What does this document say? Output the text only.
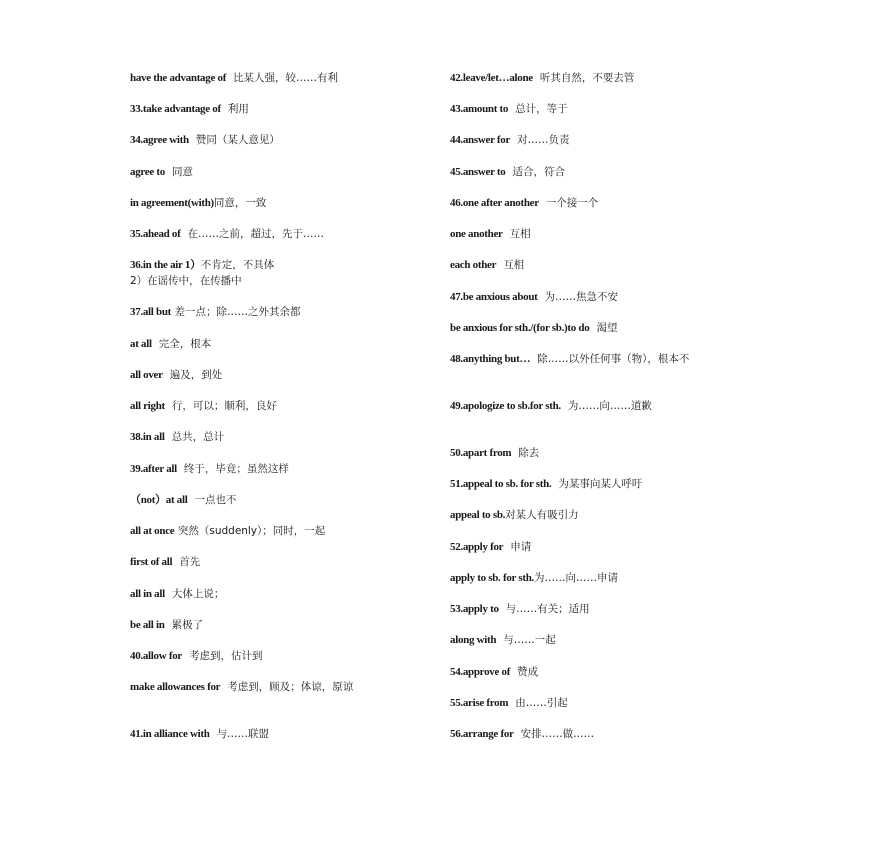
have the advantage of 比某人强，较……有利
33.take advantage of 利用
34.agree with 赞同（某人意见）
agree to 同意
in agreement(with)同意，一致
35.ahead of 在……之前，超过，先于……
36.in the air 1）不肯定，不具体
2）在谣传中，在传播中
37.all but 差一点；除……之外其余都
at all 完全，根本
all over 遍及，到处
all right 行，可以；顺利，良好
38.in all 总共，总计
39.after all 终于，毕竟；虽然这样
（not）at all 一点也不
all at once 突然（suddenly）；同时，一起
first of all 首先
all in all 大体上说；
be all in 累极了
40.allow for 考虑到，估计到
make allowances for 考虑到，顾及；体谅，原谅
41.in alliance with 与……联盟
42.leave/let…alone 听其自然，不要去管
43.amount to 总计，等于
44.answer for 对……负责
45.answer to 适合，符合
46.one after another 一个接一个
one another 互相
each other 互相
47.be anxious about 为……焦急不安
be anxious for sth./(for sb.)to do 渴望
48.anything but… 除……以外任何事（物），根本不
49.apologize to sb.for sth. 为……向……道歉
50.apart from 除去
51.appeal to sb. for sth. 为某事向某人呼吁
appeal to sb.对某人有吸引力
52.apply for 申请
apply to sb. for sth.为……向……申请
53.apply to 与……有关；适用
along with 与……一起
54.approve of 赞成
55.arise from 由……引起
56.arrange for 安排……做……
